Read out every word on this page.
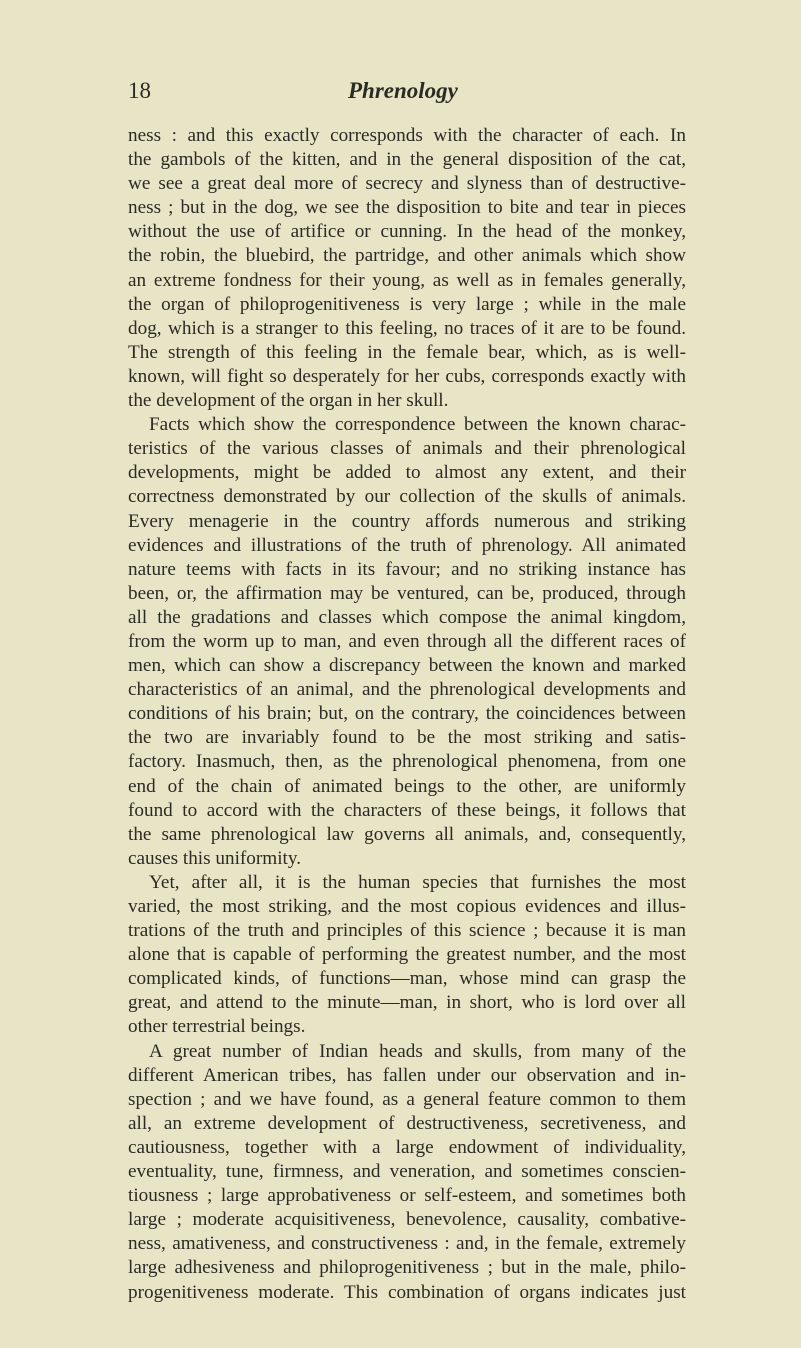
18	Phrenology
ness : and this exactly corresponds with the character of each. In
the gambols of the kitten, and in the general disposition of the cat,
we see a great deal more of secrecy and slyness than of destructive-
ness ; but in the dog, we see the disposition to bite and tear in pieces
without the use of artifice or cunning. In the head of the monkey,
the robin, the bluebird, the partridge, and other animals which show
an extreme fondness for their young, as well as in females generally,
the organ of philoprogenitiveness is very large ; while in the male
dog, which is a stranger to this feeling, no traces of it are to be found.
The strength of this feeling in the female bear, which, as is well-
known, will fight so desperately for her cubs, corresponds exactly with
the development of the organ in her skull.
Facts which show the correspondence between the known charac-
teristics of the various classes of animals and their phrenological
developments, might be added to almost any extent, and their
correctness demonstrated by our collection of the skulls of animals.
Every menagerie in the country affords numerous and striking
evidences and illustrations of the truth of phrenology. All animated
nature teems with facts in its favour; and no striking instance has
been, or, the affirmation may be ventured, can be, produced, through
all the gradations and classes which compose the animal kingdom,
from the worm up to man, and even through all the different races of
men, which can show a discrepancy between the known and marked
characteristics of an animal, and the phrenological developments and
conditions of his brain; but, on the contrary, the coincidences between
the two are invariably found to be the most striking and satis-
factory. Inasmuch, then, as the phrenological phenomena, from one
end of the chain of animated beings to the other, are uniformly
found to accord with the characters of these beings, it follows that
the same phrenological law governs all animals, and, consequently,
causes this uniformity.
Yet, after all, it is the human species that furnishes the most
varied, the most striking, and the most copious evidences and illus-
trations of the truth and principles of this science ; because it is man
alone that is capable of performing the greatest number, and the most
complicated kinds, of functions—man, whose mind can grasp the
great, and attend to the minute—man, in short, who is lord over all
other terrestrial beings.
A great number of Indian heads and skulls, from many of the
different American tribes, has fallen under our observation and in-
spection ; and we have found, as a general feature common to them
all, an extreme development of destructiveness, secretiveness, and
cautiousness, together with a large endowment of individuality,
eventuality, tune, firmness, and veneration, and sometimes conscien-
tiousness ; large approbativeness or self-esteem, and sometimes both
large ; moderate acquisitiveness, benevolence, causality, combative-
ness, amativeness, and constructiveness : and, in the female, extremely
large adhesiveness and philoprogenitiveness ; but in the male, philo-
progenitiveness moderate. This combination of organs indicates just
